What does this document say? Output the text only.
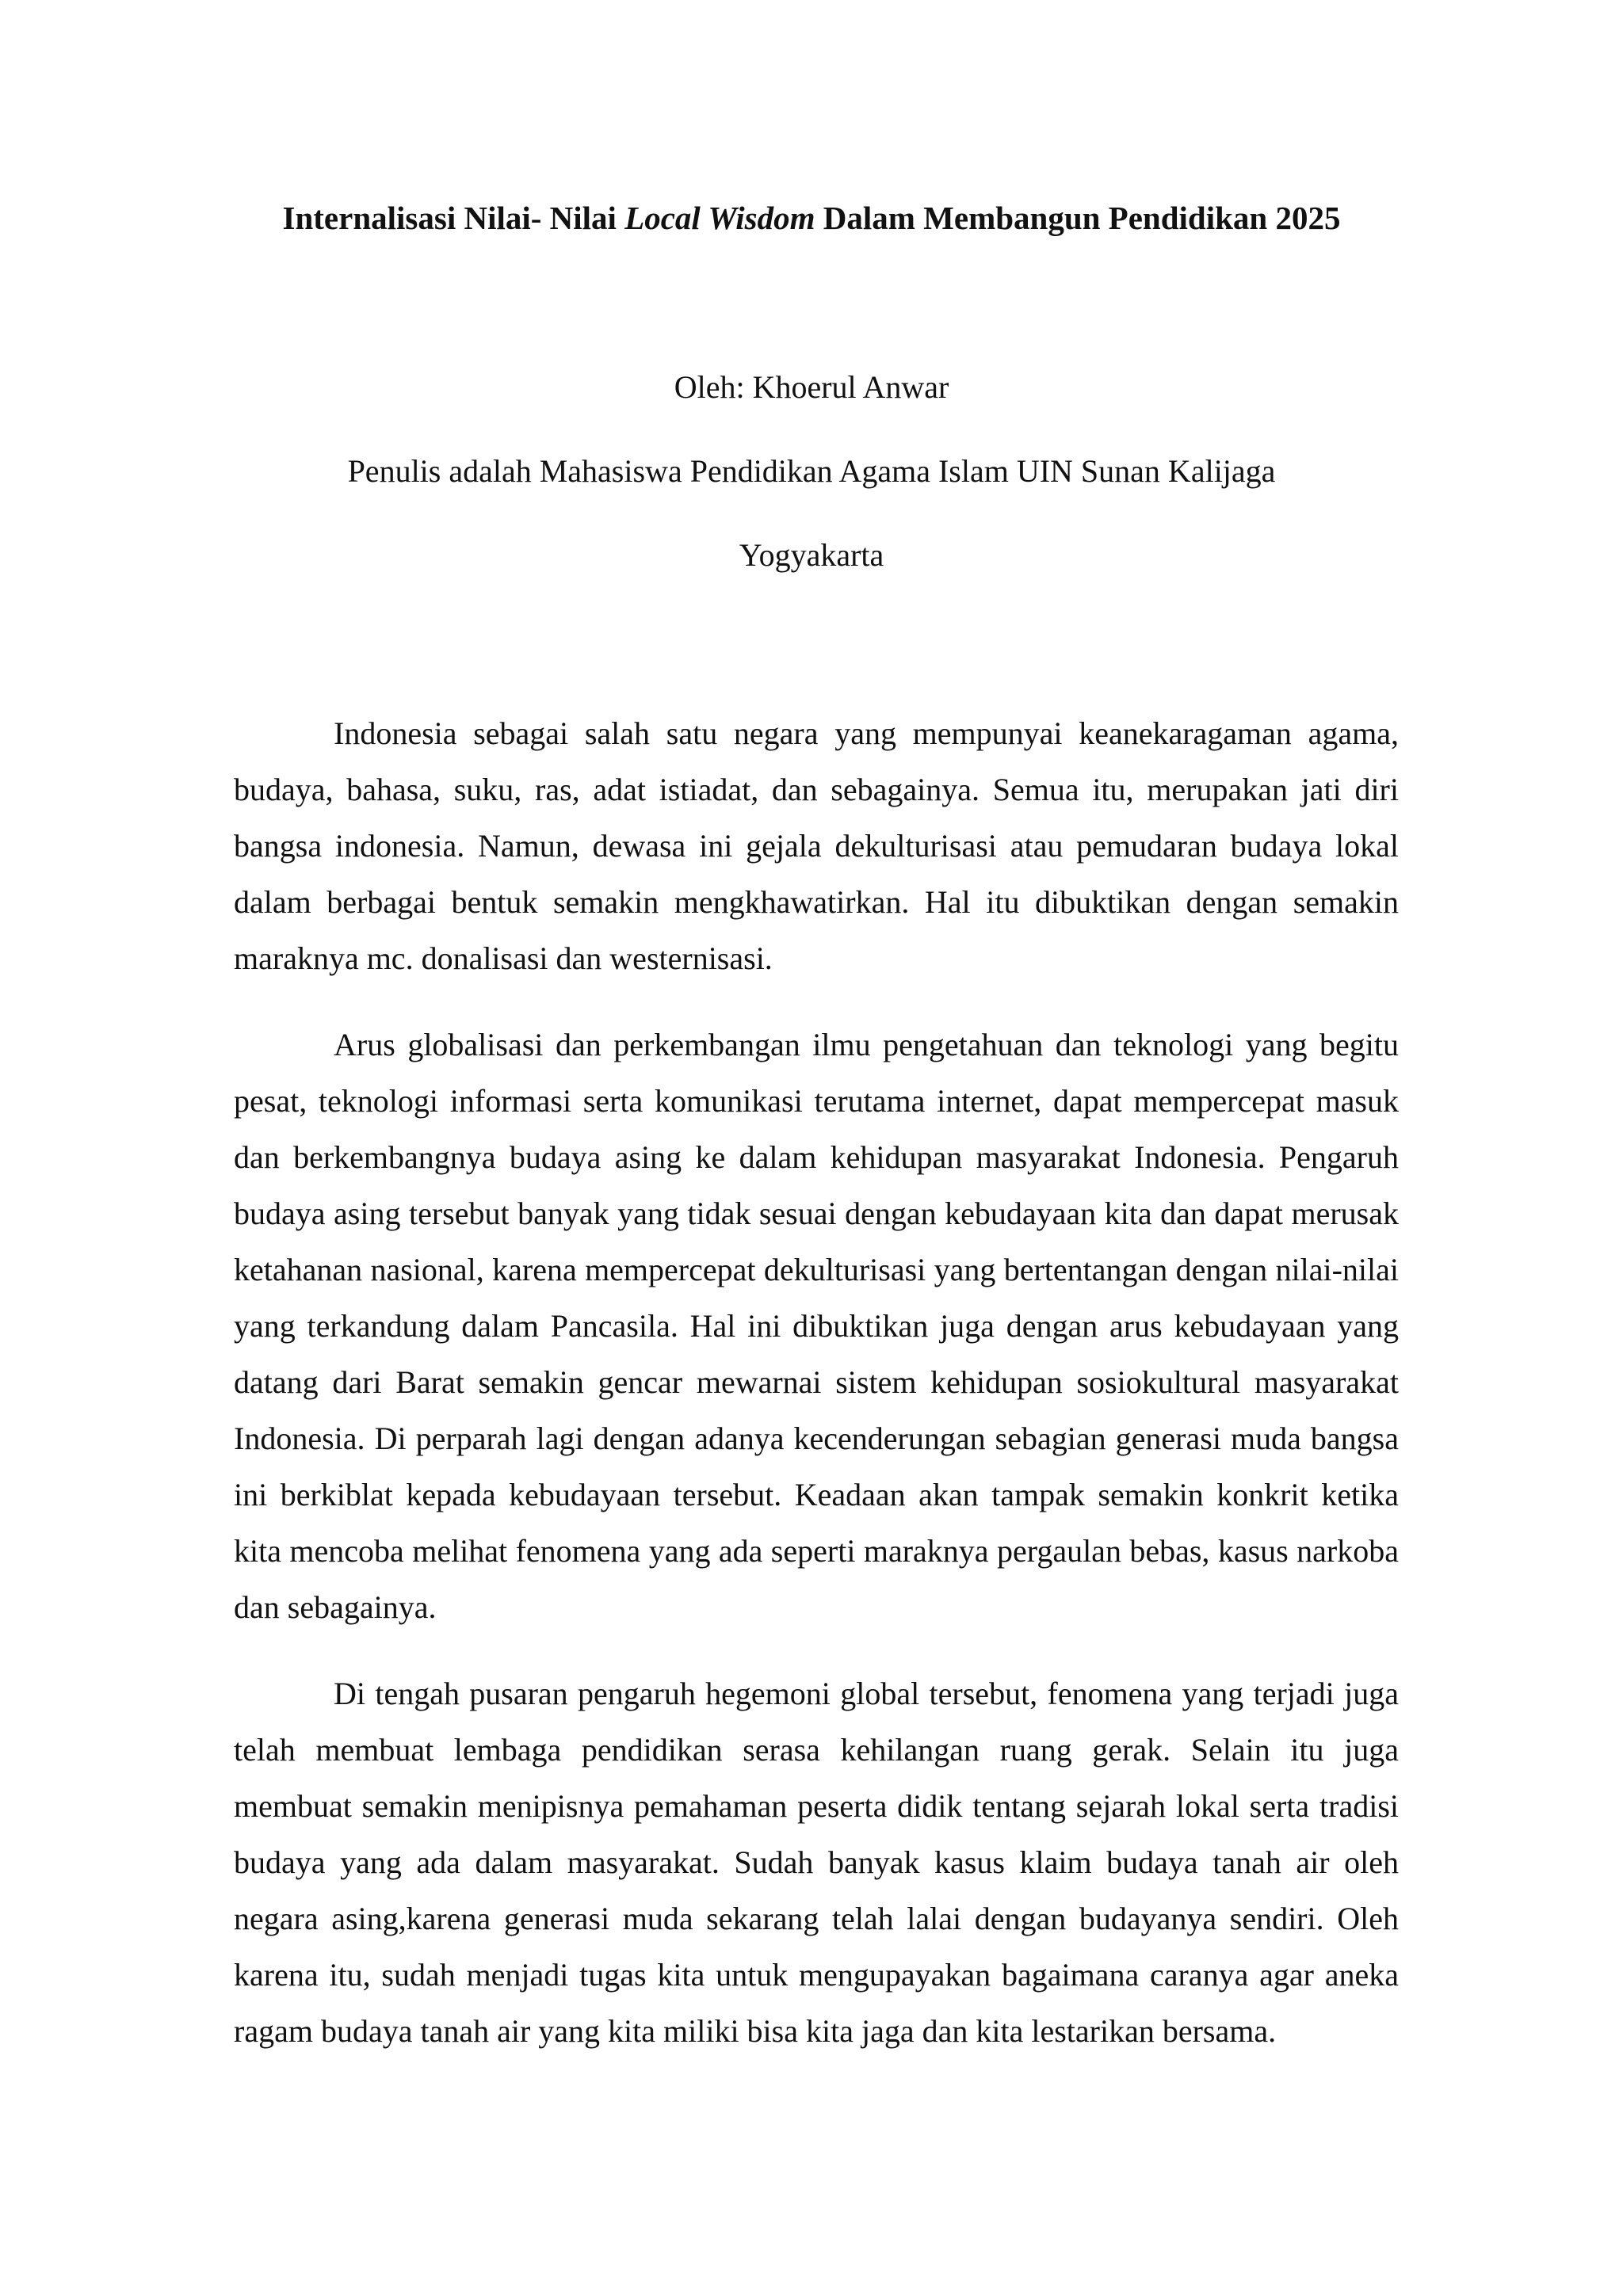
Internalisasi Nilai- Nilai Local Wisdom Dalam Membangun Pendidikan 2025

Oleh: Khoerul Anwar

Penulis adalah Mahasiswa Pendidikan Agama Islam UIN Sunan Kalijaga

Yogyakarta

Indonesia sebagai salah satu negara yang mempunyai keanekaragaman agama, budaya, bahasa, suku, ras, adat istiadat, dan sebagainya. Semua itu, merupakan jati diri bangsa indonesia. Namun, dewasa ini gejala dekulturisasi atau pemudaran budaya lokal dalam berbagai bentuk semakin mengkhawatirkan. Hal itu dibuktikan dengan semakin maraknya mc. donalisasi dan westernisasi.

Arus globalisasi dan perkembangan ilmu pengetahuan dan teknologi yang begitu pesat, teknologi informasi serta komunikasi terutama internet, dapat mempercepat masuk dan berkembangnya budaya asing ke dalam kehidupan masyarakat Indonesia. Pengaruh budaya asing tersebut banyak yang tidak sesuai dengan kebudayaan kita dan dapat merusak ketahanan nasional, karena mempercepat dekulturisasi yang bertentangan dengan nilai-nilai yang terkandung dalam Pancasila. Hal ini dibuktikan juga dengan arus kebudayaan yang datang dari Barat semakin gencar mewarnai sistem kehidupan sosiokultural masyarakat Indonesia. Di perparah lagi dengan adanya kecenderungan sebagian generasi muda bangsa ini berkiblat kepada kebudayaan tersebut. Keadaan akan tampak semakin konkrit ketika kita mencoba melihat fenomena yang ada seperti maraknya pergaulan bebas, kasus narkoba dan sebagainya.

Di tengah pusaran pengaruh hegemoni global tersebut, fenomena yang terjadi juga telah membuat lembaga pendidikan serasa kehilangan ruang gerak. Selain itu juga membuat semakin menipisnya pemahaman peserta didik tentang sejarah lokal serta tradisi budaya yang ada dalam masyarakat. Sudah banyak kasus klaim budaya tanah air oleh negara asing,karena generasi muda sekarang telah lalai dengan budayanya sendiri. Oleh karena itu, sudah menjadi tugas kita untuk mengupayakan bagaimana caranya agar aneka ragam budaya tanah air yang kita miliki bisa kita jaga dan kita lestarikan bersama.
